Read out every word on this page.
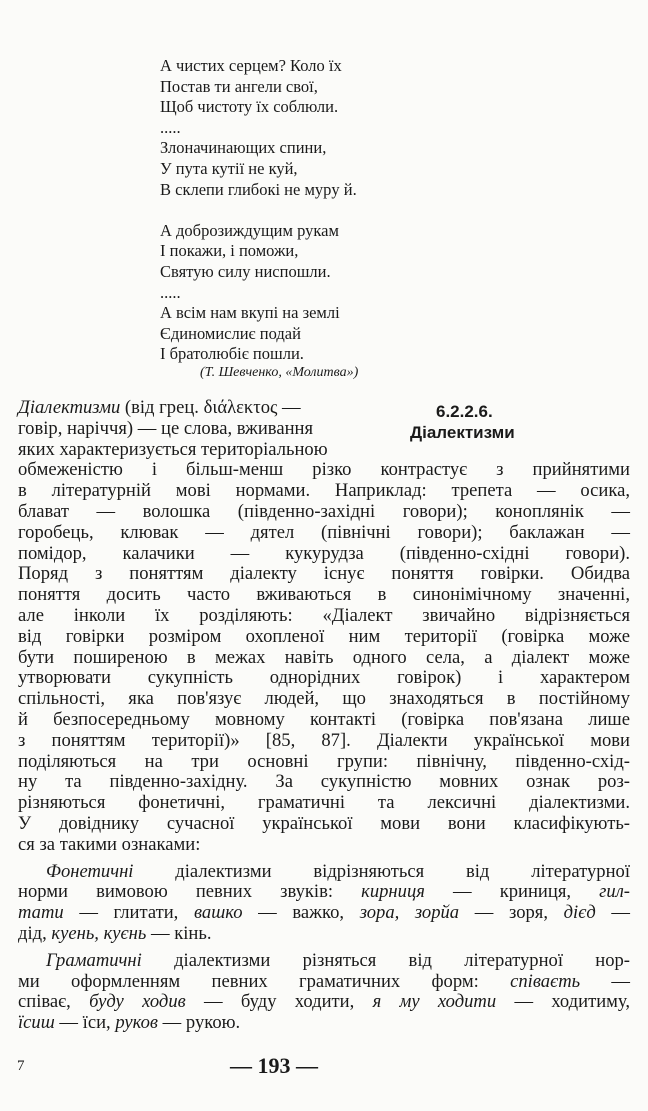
А чистих серцем? Коло їх
Постав ти ангели свої,
Щоб чистоту їх соблюли.
.....
Злоначинающих спини,
У пута кутії не куй,
В склепи глибокі не мурy й.
А доброзиждущим рукам
І покажи, і поможи,
Святую силу ниспошли.
.....
А всім нам вкупі на землі
Єдиномислиє подай
І братолюбіє пошли.
(Т. Шевченко, «Молитва»)
6.2.2.6.
Діалектизми
Діалектизми (від грец. διάλεκτος —
говір, наріччя) — це слова, вживання
яких характеризується територіальною
обмеженістю і більш-менш різко контрастує з прийнятими
в літературній мові нормами. Наприклад: трепета — осика,
блават — волошка (південно-західні говори); коноплянік —
горобець, клювак — дятел (північні говори); баклажан —
помідор, калачики — кукурудза (південно-східні говори).
Поряд з поняттям діалекту існує поняття говірки. Обидва
поняття досить часто вживаються в синонімічному значенні,
але інколи їх розділяють: «Діалект звичайно відрізняється
від говірки розміром охопленої ним території (говірка може
бути поширеною в межах навіть одного села, а діалект може
утворювати сукупність однорідних говірок) і характером
спільності, яка пов'язує людей, що знаходяться в постійному
й безпосередньому мовному контакті (говірка пов'язана лише
з поняттям території)» [85, 87]. Діалекти української мови
поділяються на три основні групи: північну, південно-схід-
ну та південно-західну. За сукупністю мовних ознак роз-
різняються фонетичні, граматичні та лексичні діалектизми.
У довіднику сучасної української мови вони класифікують-
ся за такими ознаками:
Фонетичні діалектизми відрізняються від літературної
норми вимовою певних звуків: кирниця — криниця, гил-
тати — глитати, вашко — важко, зора, зорйа — зоря, дієд —
дід, куень, куєнь — кінь.
Граматичні діалектизми різняться від літературної нор-
ми оформленням певних граматичних форм: співаєть —
співає, буду ходив — буду ходити, я му ходити — ходитиму,
їсиш — їси, руков — рукою.
7	— 193 —
